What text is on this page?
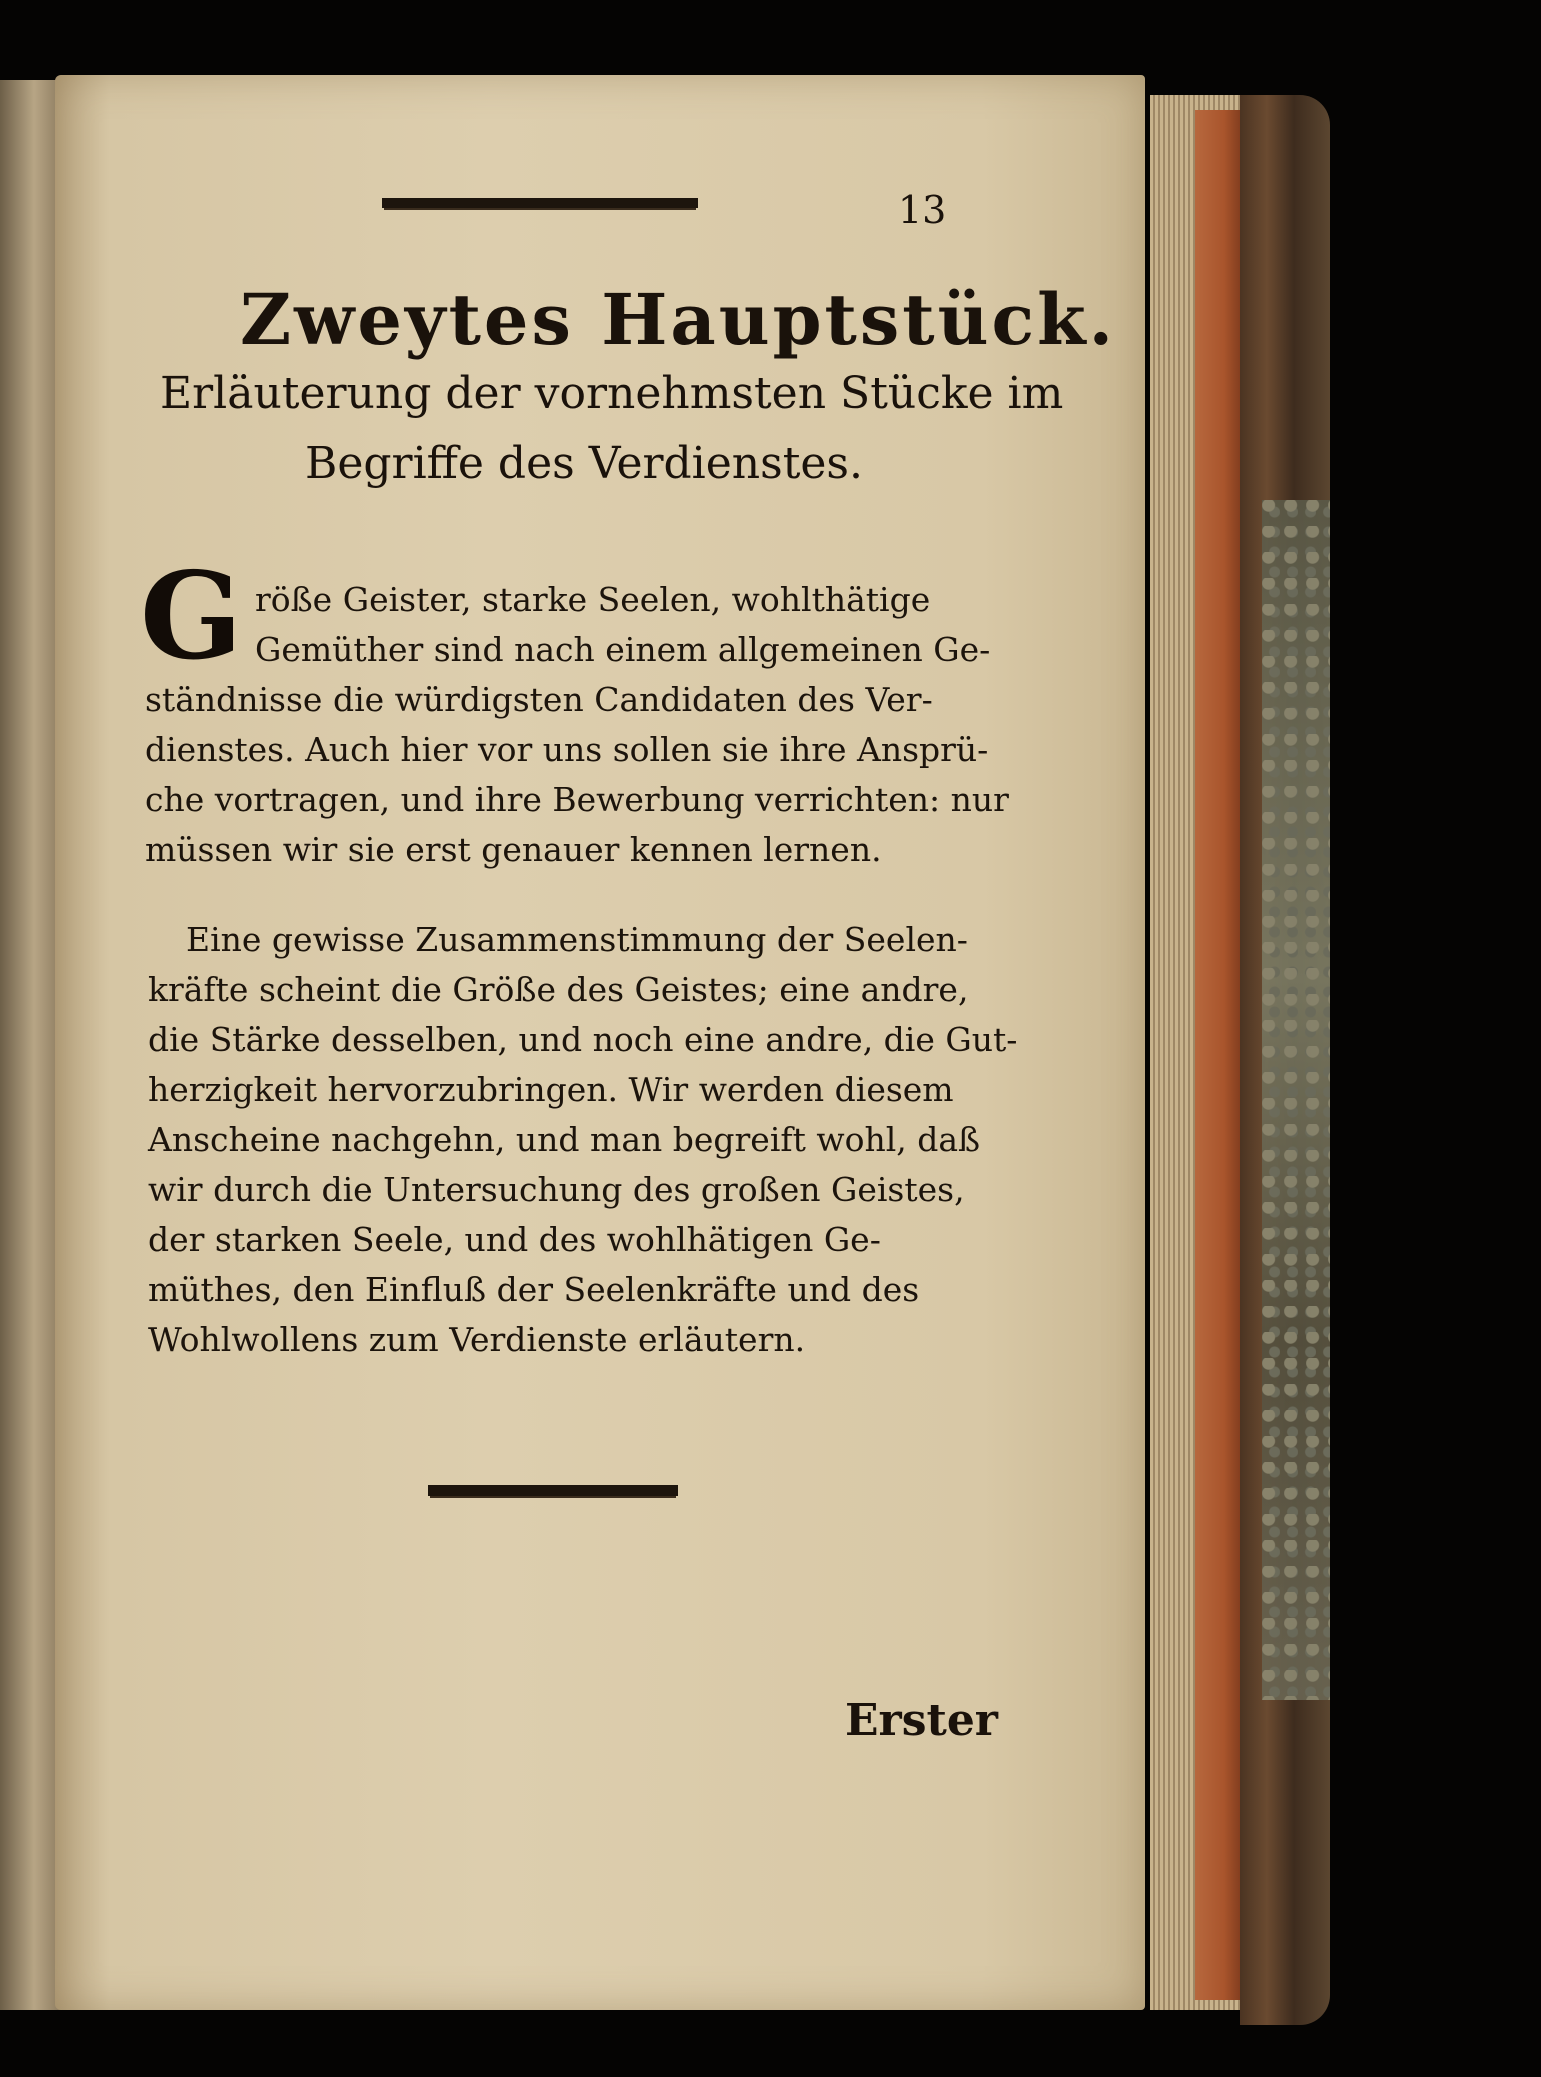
13
Zweytes Hauptstück.
Erläuterung der vornehmsten Stücke im
Begriffe des Verdienstes.
G röße Geister, starke Seelen, wohlthätige
Gemüther sind nach einem allgemeinen Ge-
ständnisse die würdigsten Candidaten des Ver-
dienstes. Auch hier vor uns sollen sie ihre Ansprü-
che vortragen, und ihre Bewerbung verrichten: nur
müssen wir sie erst genauer kennen lernen.
Eine gewisse Zusammenstimmung der Seelen-
kräfte scheint die Größe des Geistes; eine andre,
die Stärke desselben, und noch eine andre, die Gut-
herzigkeit hervorzubringen. Wir werden diesem
Anscheine nachgehn, und man begreift wohl, daß
wir durch die Untersuchung des großen Geistes,
der starken Seele, und des wohlhätigen Ge-
müthes, den Einfluß der Seelenkräfte und des
Wohlwollens zum Verdienste erläutern.
Erster
